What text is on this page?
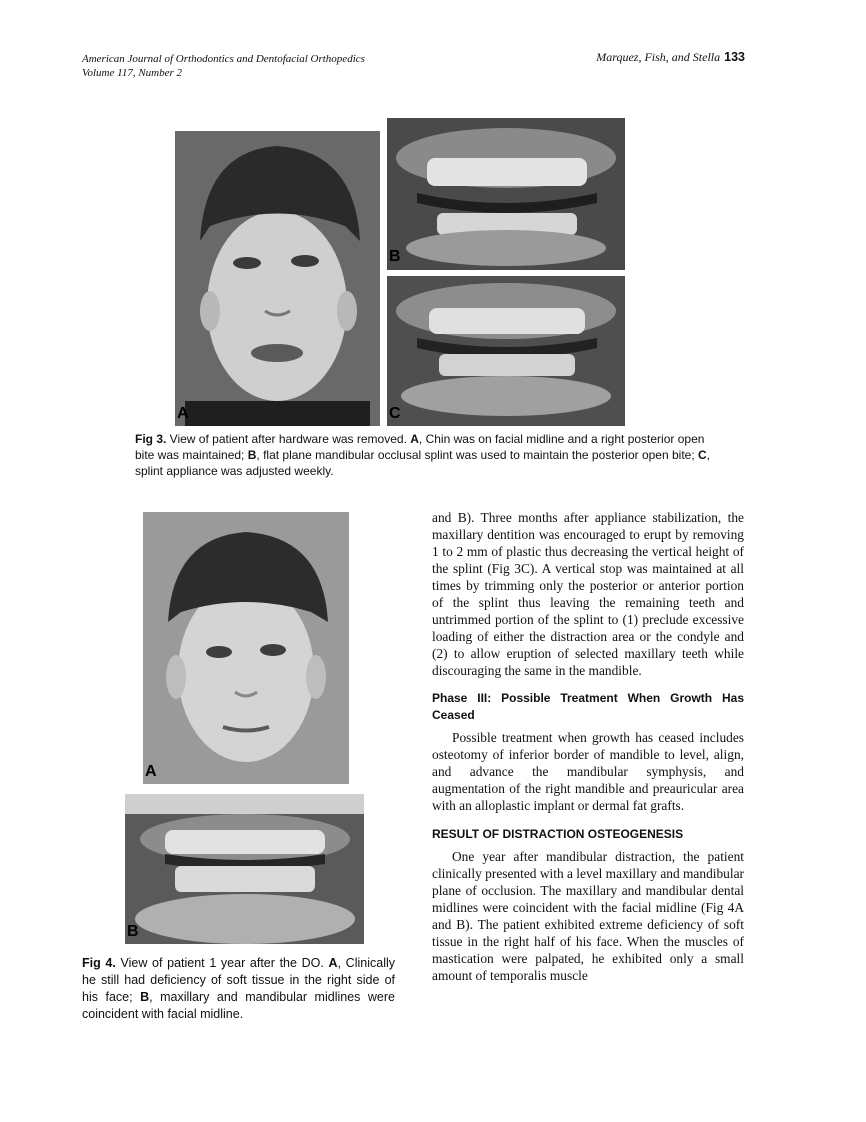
American Journal of Orthodontics and Dentofacial Orthopedics
Volume 117, Number 2
Marquez, Fish, and Stella 133
A
B
C
Fig 3. View of patient after hardware was removed. A, Chin was on facial midline and a right posterior open bite was maintained; B, flat plane mandibular occlusal splint was used to maintain the posterior open bite; C, splint appliance was adjusted weekly.
A
B
Fig 4. View of patient 1 year after the DO. A, Clinically he still had deficiency of soft tissue in the right side of his face; B, maxillary and mandibular midlines were coincident with facial midline.

and B). Three months after appliance stabilization, the maxillary dentition was encouraged to erupt by removing 1 to 2 mm of plastic thus decreasing the vertical height of the splint (Fig 3C). A vertical stop was maintained at all times by trimming only the posterior or anterior portion of the splint thus leaving the remaining teeth and untrimmed portion of the splint to (1) preclude excessive loading of either the distraction area or the condyle and (2) to allow eruption of selected maxillary teeth while discouraging the same in the mandible.

Phase III: Possible Treatment When Growth Has Ceased

Possible treatment when growth has ceased includes osteotomy of inferior border of mandible to level, align, and advance the mandibular symphysis, and augmentation of the right mandible and preauricular area with an alloplastic implant or dermal fat grafts.

RESULT OF DISTRACTION OSTEOGENESIS

One year after mandibular distraction, the patient clinically presented with a level maxillary and mandibular plane of occlusion. The maxillary and mandibular dental midlines were coincident with the facial midline (Fig 4A and B). The patient exhibited extreme deficiency of soft tissue in the right half of his face. When the muscles of mastication were palpated, he exhibited only a small amount of temporalis muscle
